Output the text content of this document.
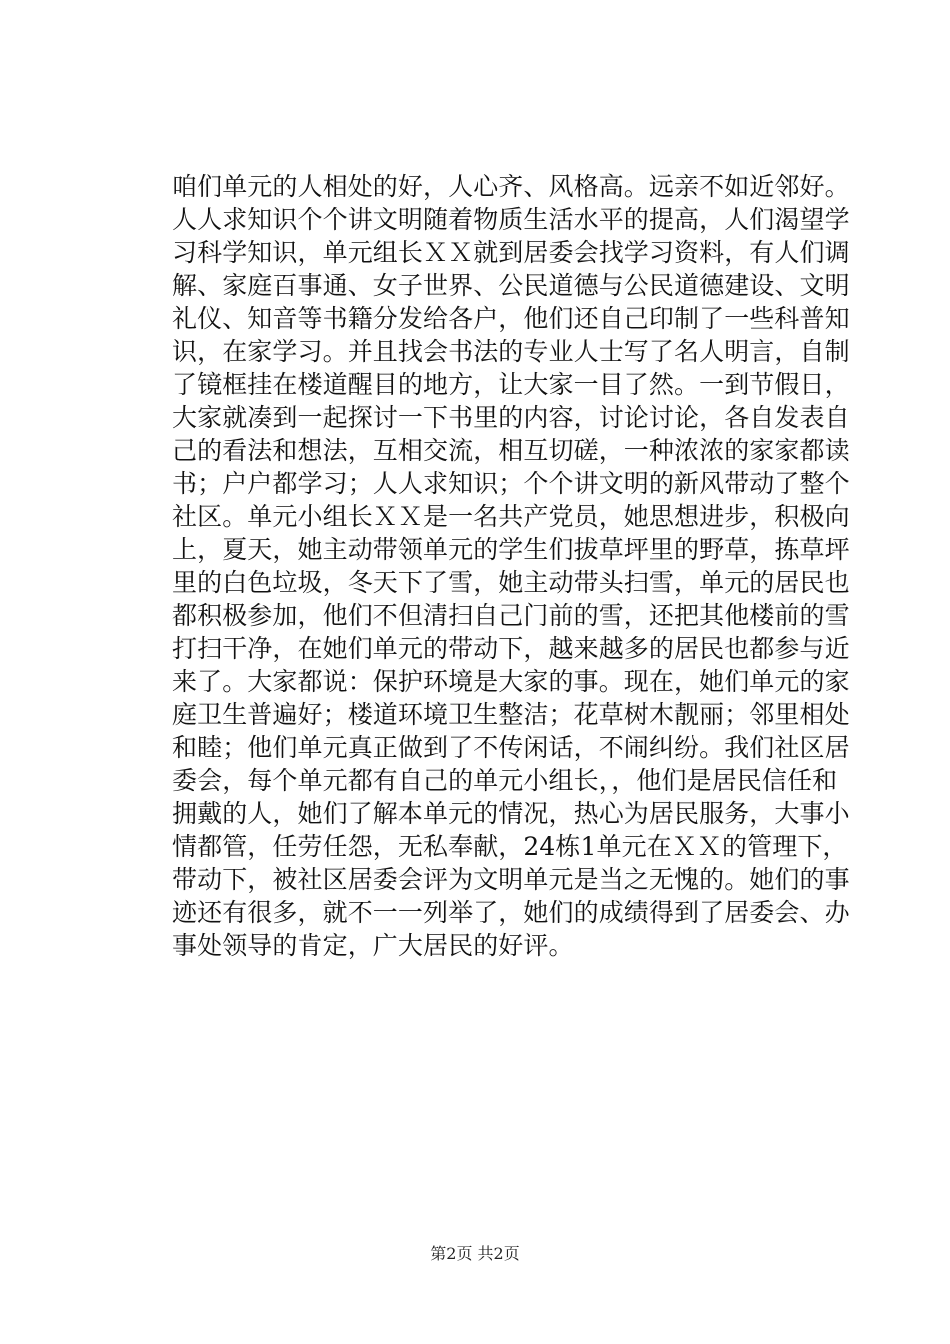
咱们单元的人相处的好，人心齐、风格高。远亲不如近邻好。
人人求知识个个讲文明随着物质生活水平的提高，人们渴望学
习科学知识，单元组长ＸＸ就到居委会找学习资料，有人们调
解、家庭百事通、女子世界、公民道德与公民道德建设、文明
礼仪、知音等书籍分发给各户，他们还自己印制了一些科普知
识，在家学习。并且找会书法的专业人士写了名人明言，自制
了镜框挂在楼道醒目的地方，让大家一目了然。一到节假日，
大家就凑到一起探讨一下书里的内容，讨论讨论，各自发表自
己的看法和想法，互相交流，相互切磋，一种浓浓的家家都读
书；户户都学习；人人求知识；个个讲文明的新风带动了整个
社区。单元小组长ＸＸ是一名共产党员，她思想进步，积极向
上，夏天，她主动带领单元的学生们拔草坪里的野草，拣草坪
里的白色垃圾，冬天下了雪，她主动带头扫雪，单元的居民也
都积极参加，他们不但清扫自己门前的雪，还把其他楼前的雪
打扫干净，在她们单元的带动下，越来越多的居民也都参与近
来了。大家都说：保护环境是大家的事。现在，她们单元的家
庭卫生普遍好；楼道环境卫生整洁；花草树木靓丽；邻里相处
和睦；他们单元真正做到了不传闲话，不闹纠纷。我们社区居
委会，每个单元都有自己的单元小组长，，他们是居民信任和
拥戴的人，她们了解本单元的情况，热心为居民服务，大事小
情都管，任劳任怨，无私奉献，24栋1单元在ＸＸ的管理下，
带动下，被社区居委会评为文明单元是当之无愧的。她们的事
迹还有很多，就不一一列举了，她们的成绩得到了居委会、办
事处领导的肯定，广大居民的好评。
第2页 共2页
